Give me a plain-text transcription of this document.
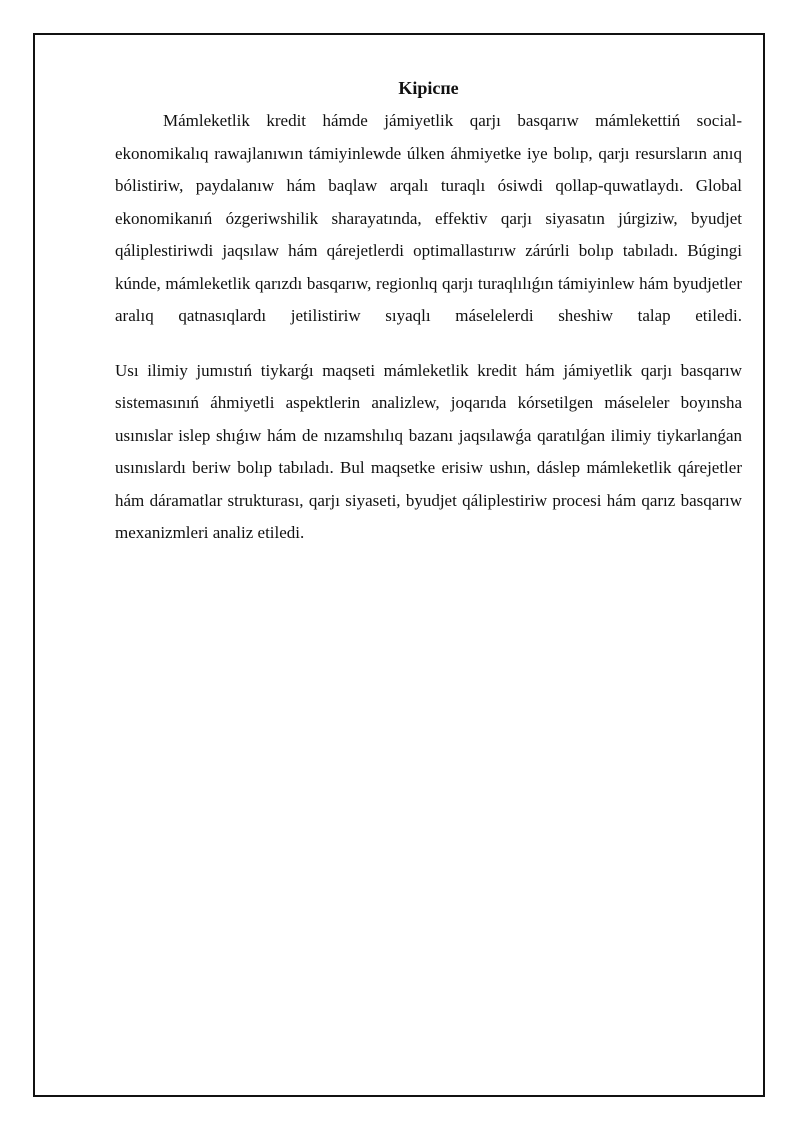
Kipicпe

Mámleketlik kredit hámde jámiyetlik qarjı basqarıw mámlekettiń social-ekonomikalıq rawajlanıwın támiyinlewde úlken áhmiyetke iye bolıp, qarjı resursların anıq bólistiriw, paydalanıw hám baqlaw arqalı turaqlı ósiwdi qollap-quwatlaydı. Global ekonomikanıń ózgeriwshilik sharayatında, effektiv qarjı siyasatın júrgiziw, byudjet qáliplestiriwdi jaqsılaw hám qárejetlerdi optimallastırıw zárúrli bolıp tabıladı. Búgingi kúnde, mámleketlik qarızdı basqarıw, regionlıq qarjı turaqlılıǵın támiyinlew hám byudjetler aralıq qatnasıqlardı jetilistiriw sıyaqlı máselelerdi sheshiw talap etiledi.

Usı ilimiy jumıstıń tiykarǵı maqseti mámleketlik kredit hám jámiyetlik qarjı basqarıw sistemasınıń áhmiyetli aspektlerin analizlew, joqarıda kórsetilgen máseleler boyınsha usınıslar islep shıǵıw hám de nızamshılıq bazanı jaqsılawǵa qaratılǵan ilimiy tiykarlanǵan usınıslardı beriw bolıp tabıladı. Bul maqsetke erisiw ushın, dáslep mámleketlik qárejetler hám dáramatlar strukturası, qarjı siyaseti, byudjet qáliplestiriw procesi hám qarız basqarıw mexanizmleri analiz etiledi.
